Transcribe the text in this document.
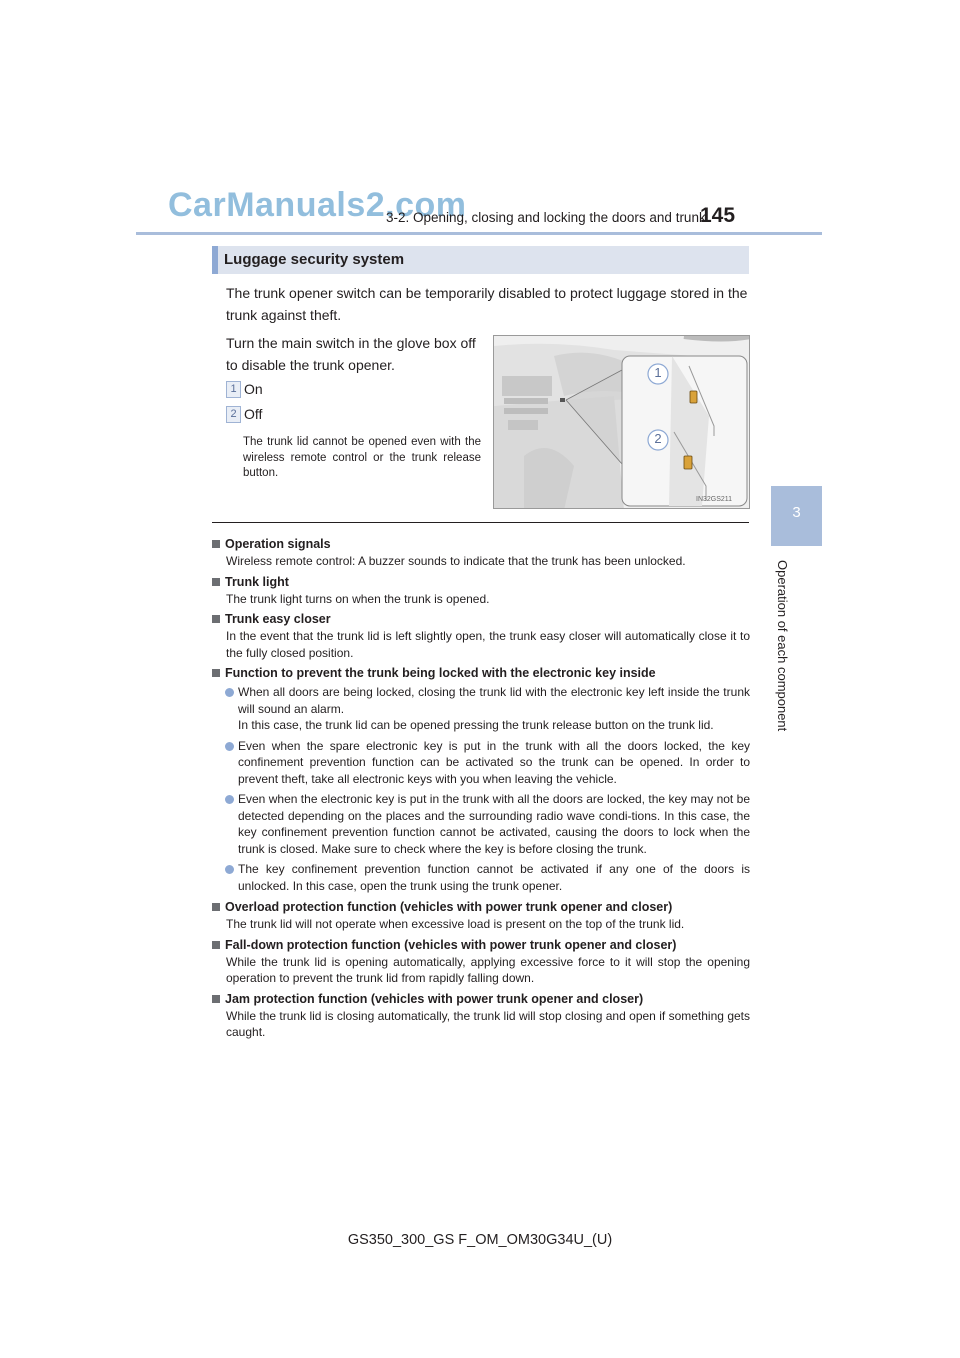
CarManuals2.com
3-2. Opening, closing and locking the doors and trunk
145
3
Operation of each component
Luggage security system
The trunk opener switch can be temporarily disabled to protect luggage stored in the trunk against theft.
Turn the main switch in the glove box off to disable the trunk opener.
1 On
2 Off
The trunk lid cannot be opened even with the wireless remote control or the trunk release button.
1
2
IN32GS211
Operation signals
Wireless remote control: A buzzer sounds to indicate that the trunk has been unlocked.
Trunk light
The trunk light turns on when the trunk is opened.
Trunk easy closer
In the event that the trunk lid is left slightly open, the trunk easy closer will automatically close it to the fully closed position.
Function to prevent the trunk being locked with the electronic key inside
When all doors are being locked, closing the trunk lid with the electronic key left inside the trunk will sound an alarm.
In this case, the trunk lid can be opened pressing the trunk release button on the trunk lid.
Even when the spare electronic key is put in the trunk with all the doors locked, the key confinement prevention function can be activated so the trunk can be opened. In order to prevent theft, take all electronic keys with you when leaving the vehicle.
Even when the electronic key is put in the trunk with all the doors are locked, the key may not be detected depending on the places and the surrounding radio wave condi-tions. In this case, the key confinement prevention function cannot be activated, causing the doors to lock when the trunk is closed. Make sure to check where the key is before closing the trunk.
The key confinement prevention function cannot be activated if any one of the doors is unlocked. In this case, open the trunk using the trunk opener.
Overload protection function (vehicles with power trunk opener and closer)
The trunk lid will not operate when excessive load is present on the top of the trunk lid.
Fall-down protection function (vehicles with power trunk opener and closer)
While the trunk lid is opening automatically, applying excessive force to it will stop the opening operation to prevent the trunk lid from rapidly falling down.
Jam protection function (vehicles with power trunk opener and closer)
While the trunk lid is closing automatically, the trunk lid will stop closing and open if something gets caught.
GS350_300_GS F_OM_OM30G34U_(U)
